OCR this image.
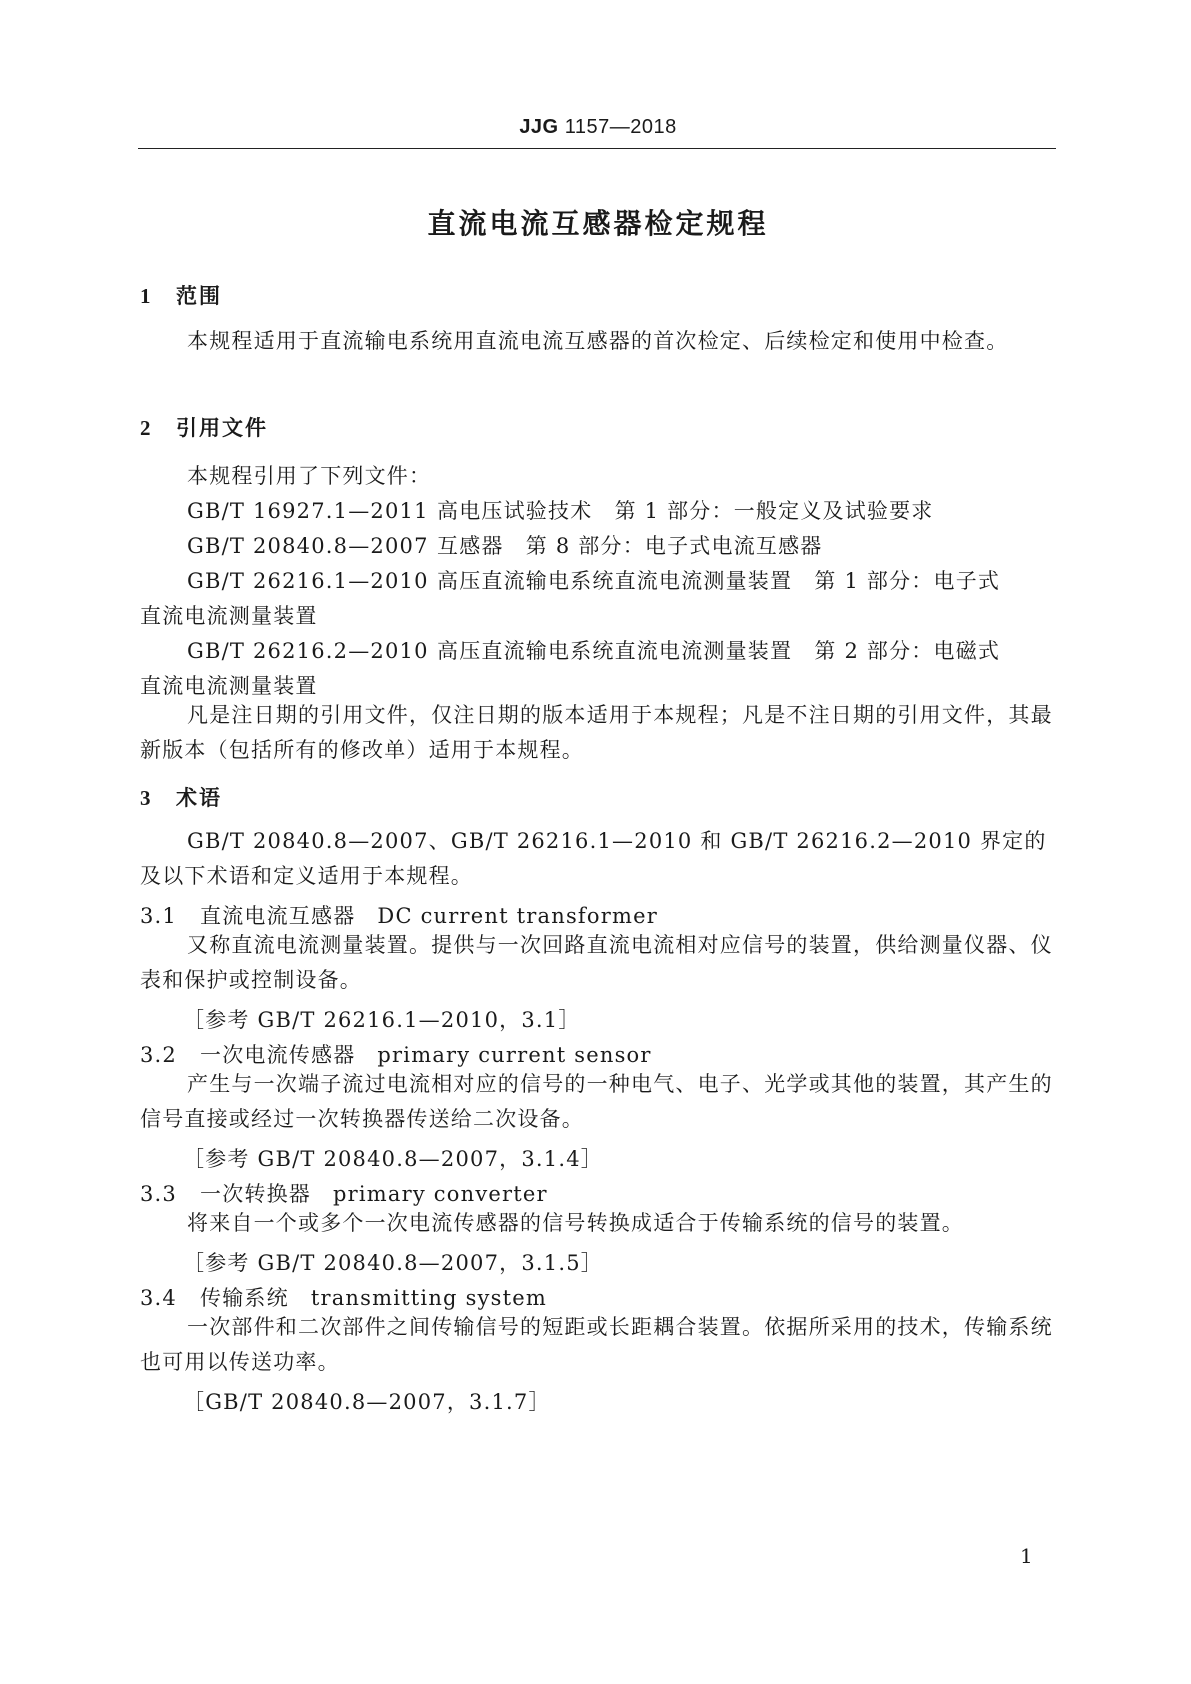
JJG 1157—2018
直流电流互感器检定规程
1 范围
本规程适用于直流输电系统用直流电流互感器的首次检定、后续检定和使用中检查。
2 引用文件
本规程引用了下列文件：
GB/T 16927.1—2011 高电压试验技术　第 1 部分：一般定义及试验要求
GB/T 20840.8—2007 互感器　第 8 部分：电子式电流互感器
GB/T 26216.1—2010 高压直流输电系统直流电流测量装置　第 1 部分：电子式
直流电流测量装置
GB/T 26216.2—2010 高压直流输电系统直流电流测量装置　第 2 部分：电磁式
直流电流测量装置
凡是注日期的引用文件，仅注日期的版本适用于本规程；凡是不注日期的引用文件，其最新版本（包括所有的修改单）适用于本规程。
3 术语
GB/T 20840.8—2007、GB/T 26216.1—2010 和 GB/T 26216.2—2010 界定的及以下术语和定义适用于本规程。
3.1 直流电流互感器 DC current transformer
又称直流电流测量装置。提供与一次回路直流电流相对应信号的装置，供给测量仪器、仪表和保护或控制设备。
［参考 GB/T 26216.1—2010，3.1］
3.2 一次电流传感器 primary current sensor
产生与一次端子流过电流相对应的信号的一种电气、电子、光学或其他的装置，其产生的信号直接或经过一次转换器传送给二次设备。
［参考 GB/T 20840.8—2007，3.1.4］
3.3 一次转换器 primary converter
将来自一个或多个一次电流传感器的信号转换成适合于传输系统的信号的装置。
［参考 GB/T 20840.8—2007，3.1.5］
3.4 传输系统 transmitting system
一次部件和二次部件之间传输信号的短距或长距耦合装置。依据所采用的技术，传输系统也可用以传送功率。
［GB/T 20840.8—2007，3.1.7］
1
